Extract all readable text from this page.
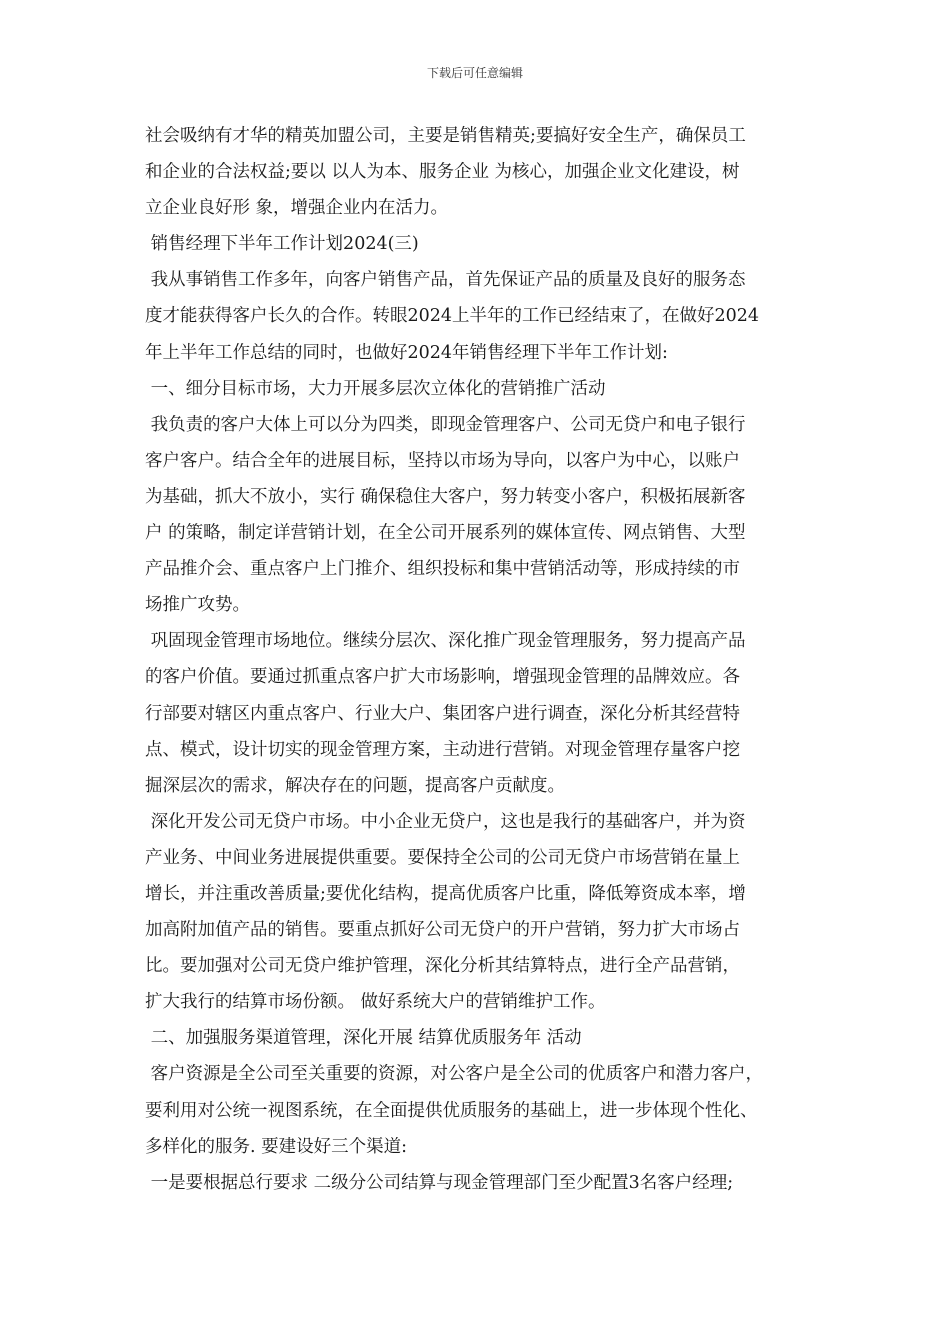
下载后可任意编辑
社会吸纳有才华的精英加盟公司，主要是销售精英;要搞好安全生产，确保员工
和企业的合法权益;要以 以人为本、服务企业 为核心，加强企业文化建设，树
立企业良好形 象，增强企业内在活力。
销售经理下半年工作计划2024(三)
我从事销售工作多年，向客户销售产品，首先保证产品的质量及良好的服务态
度才能获得客户长久的合作。转眼2024上半年的工作已经结束了，在做好2024
年上半年工作总结的同时，也做好2024年销售经理下半年工作计划:
一、细分目标市场，大力开展多层次立体化的营销推广活动
我负责的客户大体上可以分为四类，即现金管理客户、公司无贷户和电子银行
客户客户。结合全年的进展目标，坚持以市场为导向，以客户为中心，以账户
为基础，抓大不放小，实行 确保稳住大客户，努力转变小客户，积极拓展新客
户 的策略，制定详营销计划，在全公司开展系列的媒体宣传、网点销售、大型
产品推介会、重点客户上门推介、组织投标和集中营销活动等，形成持续的市
场推广攻势。
巩固现金管理市场地位。继续分层次、深化推广现金管理服务，努力提高产品
的客户价值。要通过抓重点客户扩大市场影响，增强现金管理的品牌效应。各
行部要对辖区内重点客户、行业大户、集团客户进行调查，深化分析其经营特
点、模式，设计切实的现金管理方案，主动进行营销。对现金管理存量客户挖
掘深层次的需求，解决存在的问题，提高客户贡献度。
深化开发公司无贷户市场。中小企业无贷户，这也是我行的基础客户，并为资
产业务、中间业务进展提供重要。要保持全公司的公司无贷户市场营销在量上
增长，并注重改善质量;要优化结构，提高优质客户比重，降低筹资成本率，增
加高附加值产品的销售。要重点抓好公司无贷户的开户营销，努力扩大市场占
比。要加强对公司无贷户维护管理，深化分析其结算特点，进行全产品营销，
扩大我行的结算市场份额。 做好系统大户的营销维护工作。
二、加强服务渠道管理，深化开展 结算优质服务年 活动
客户资源是全公司至关重要的资源，对公客户是全公司的优质客户和潜力客户，
要利用对公统一视图系统，在全面提供优质服务的基础上，进一步体现个性化、
多样化的服务. 要建设好三个渠道:
一是要根据总行要求 二级分公司结算与现金管理部门至少配置3名客户经理;
